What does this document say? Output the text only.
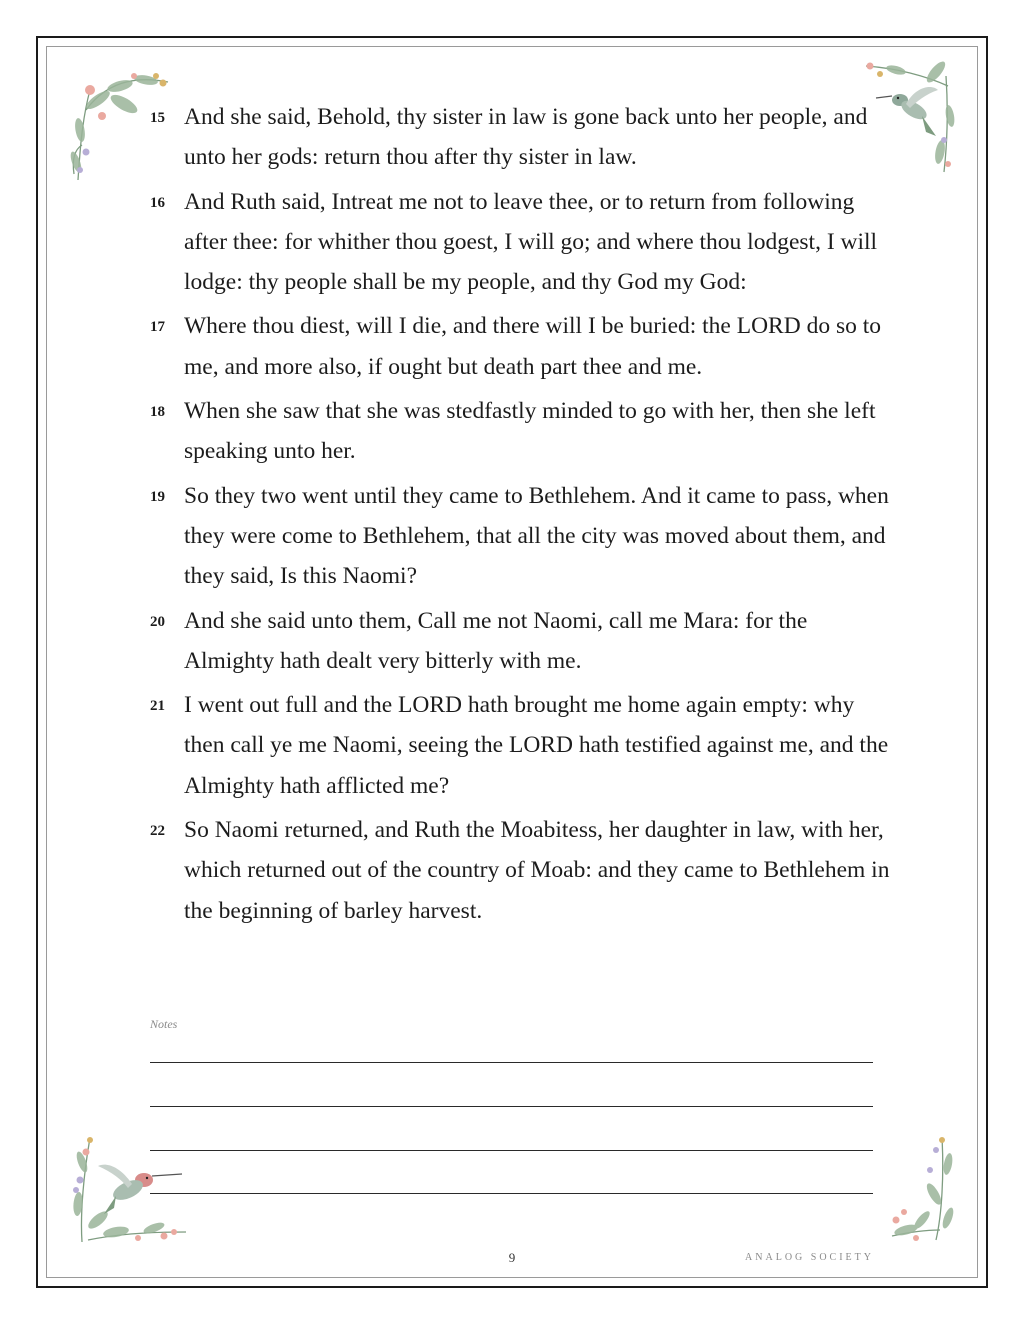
15 And she said, Behold, thy sister in law is gone back unto her people, and unto her gods: return thou after thy sister in law.
16 And Ruth said, Intreat me not to leave thee, or to return from following after thee: for whither thou goest, I will go; and where thou lodgest, I will lodge: thy people shall be my people, and thy God my God:
17 Where thou diest, will I die, and there will I be buried: the LORD do so to me, and more also, if ought but death part thee and me.
18 When she saw that she was stedfastly minded to go with her, then she left speaking unto her.
19 So they two went until they came to Bethlehem. And it came to pass, when they were come to Bethlehem, that all the city was moved about them, and they said, Is this Naomi?
20 And she said unto them, Call me not Naomi, call me Mara: for the Almighty hath dealt very bitterly with me.
21 I went out full and the LORD hath brought me home again empty: why then call ye me Naomi, seeing the LORD hath testified against me, and the Almighty hath afflicted me?
22 So Naomi returned, and Ruth the Moabitess, her daughter in law, with her, which returned out of the country of Moab: and they came to Bethlehem in the beginning of barley harvest.
Notes
9	ANALOG SOCIETY
